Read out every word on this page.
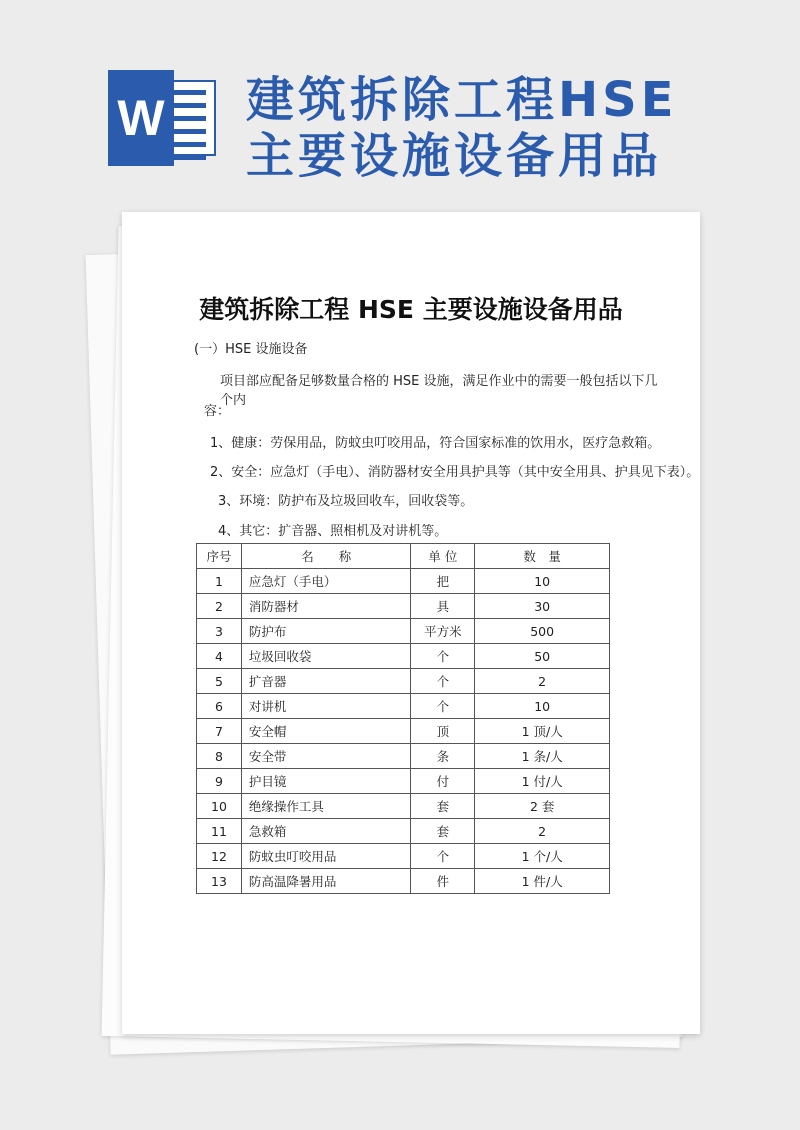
W 建筑拆除工程HSE
主要设施设备用品
建筑拆除工程 HSE 主要设施设备用品
(一）HSE 设施设备
项目部应配备足够数量合格的 HSE 设施，满足作业中的需要一般包括以下几个内
容：
1、健康：劳保用品，防蚊虫叮咬用品，符合国家标准的饮用水，医疗急救箱。
2、安全：应急灯（手电）、消防器材安全用具护具等（其中安全用具、护具见下表）。
3、环境：防护布及垃圾回收车，回收袋等。
4、其它：扩音器、照相机及对讲机等。
序号	名　　称	单 位	数　量
1	应急灯（手电）	把	10
2	消防器材	具	30
3	防护布	平方米	500
4	垃圾回收袋	个	50
5	扩音器	个	2
6	对讲机	个	10
7	安全帽	顶	1 顶/人
8	安全带	条	1 条/人
9	护目镜	付	1 付/人
10	绝缘操作工具	套	2 套
11	急救箱	套	2
12	防蚊虫叮咬用品	个	1 个/人
13	防高温降暑用品	件	1 件/人
